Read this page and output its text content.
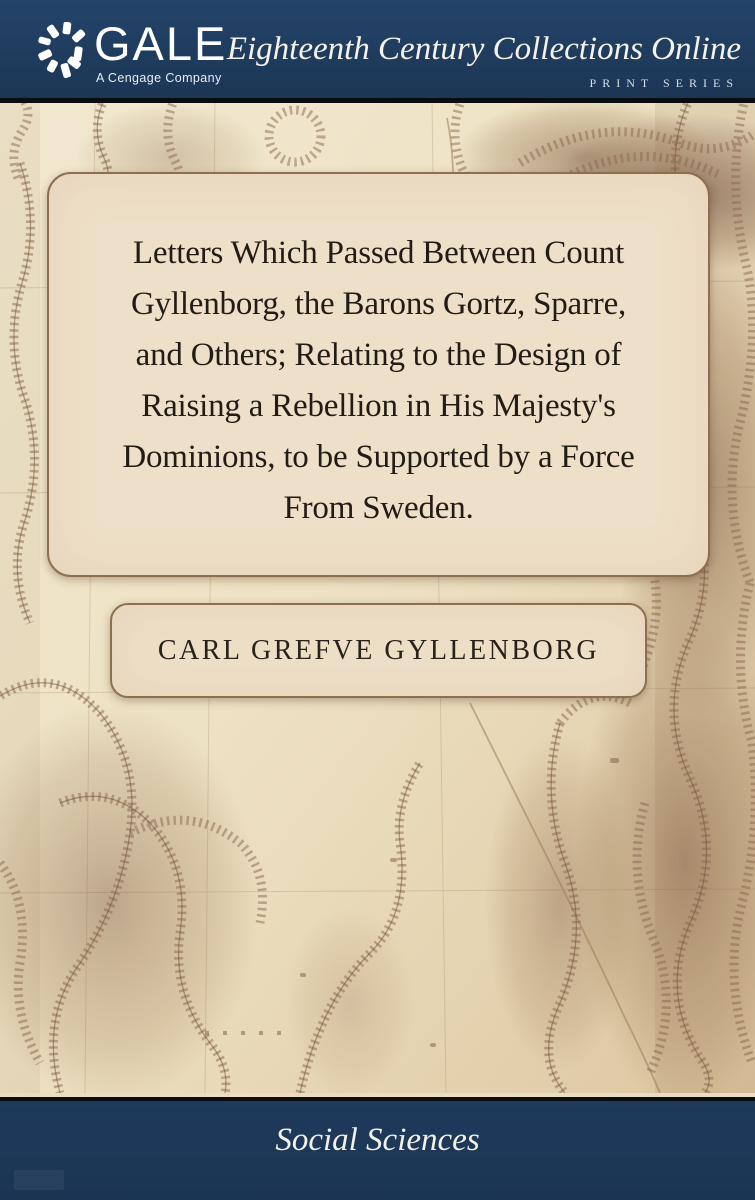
GALE
A Cengage Company
Eighteenth Century Collections Online
PRINT SERIES
Letters Which Passed Between Count
Gyllenborg, the Barons Gortz, Sparre,
and Others; Relating to the Design of
Raising a Rebellion in His Majesty's
Dominions, to be Supported by a Force
From Sweden.
CARL GREFVE GYLLENBORG
Social Sciences
